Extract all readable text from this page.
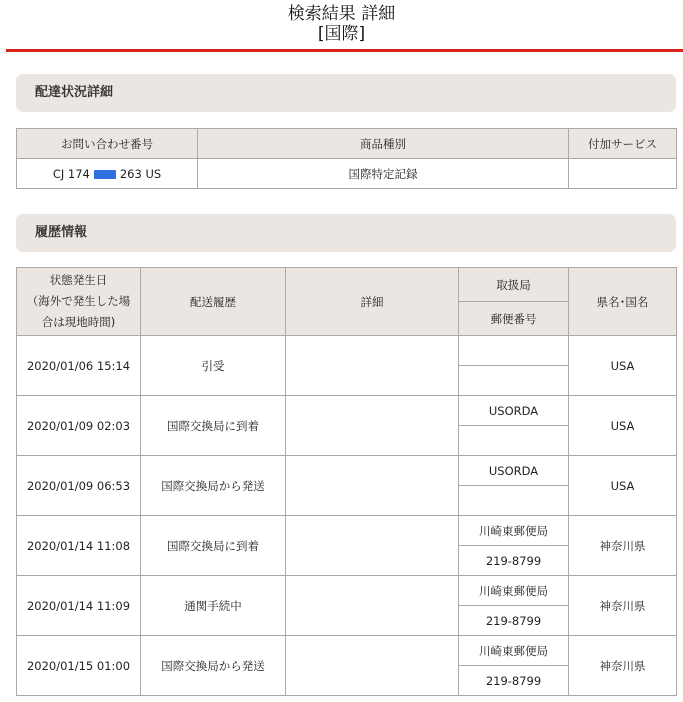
検索結果 詳細
[国際]
配達状況詳細
お問い合わせ番号	商品種別	付加サービス
CJ 174 263 US	国際特定記録	
履歴情報
状態発生日
（海外で発生した場
合は現地時間)	配送履歴	詳細	取扱局	県名･国名
			郵便番号	
2020/01/06 15:14	引受			USA

2020/01/09 02:03	国際交換局に到着		USORDA	USA

2020/01/09 06:53	国際交換局から発送		USORDA	USA

2020/01/14 11:08	国際交換局に到着		川崎東郵便局	神奈川県
			219-8799	
2020/01/14 11:09	通関手続中		川崎東郵便局	神奈川県
			219-8799	
2020/01/15 01:00	国際交換局から発送		川崎東郵便局	神奈川県
			219-8799	
